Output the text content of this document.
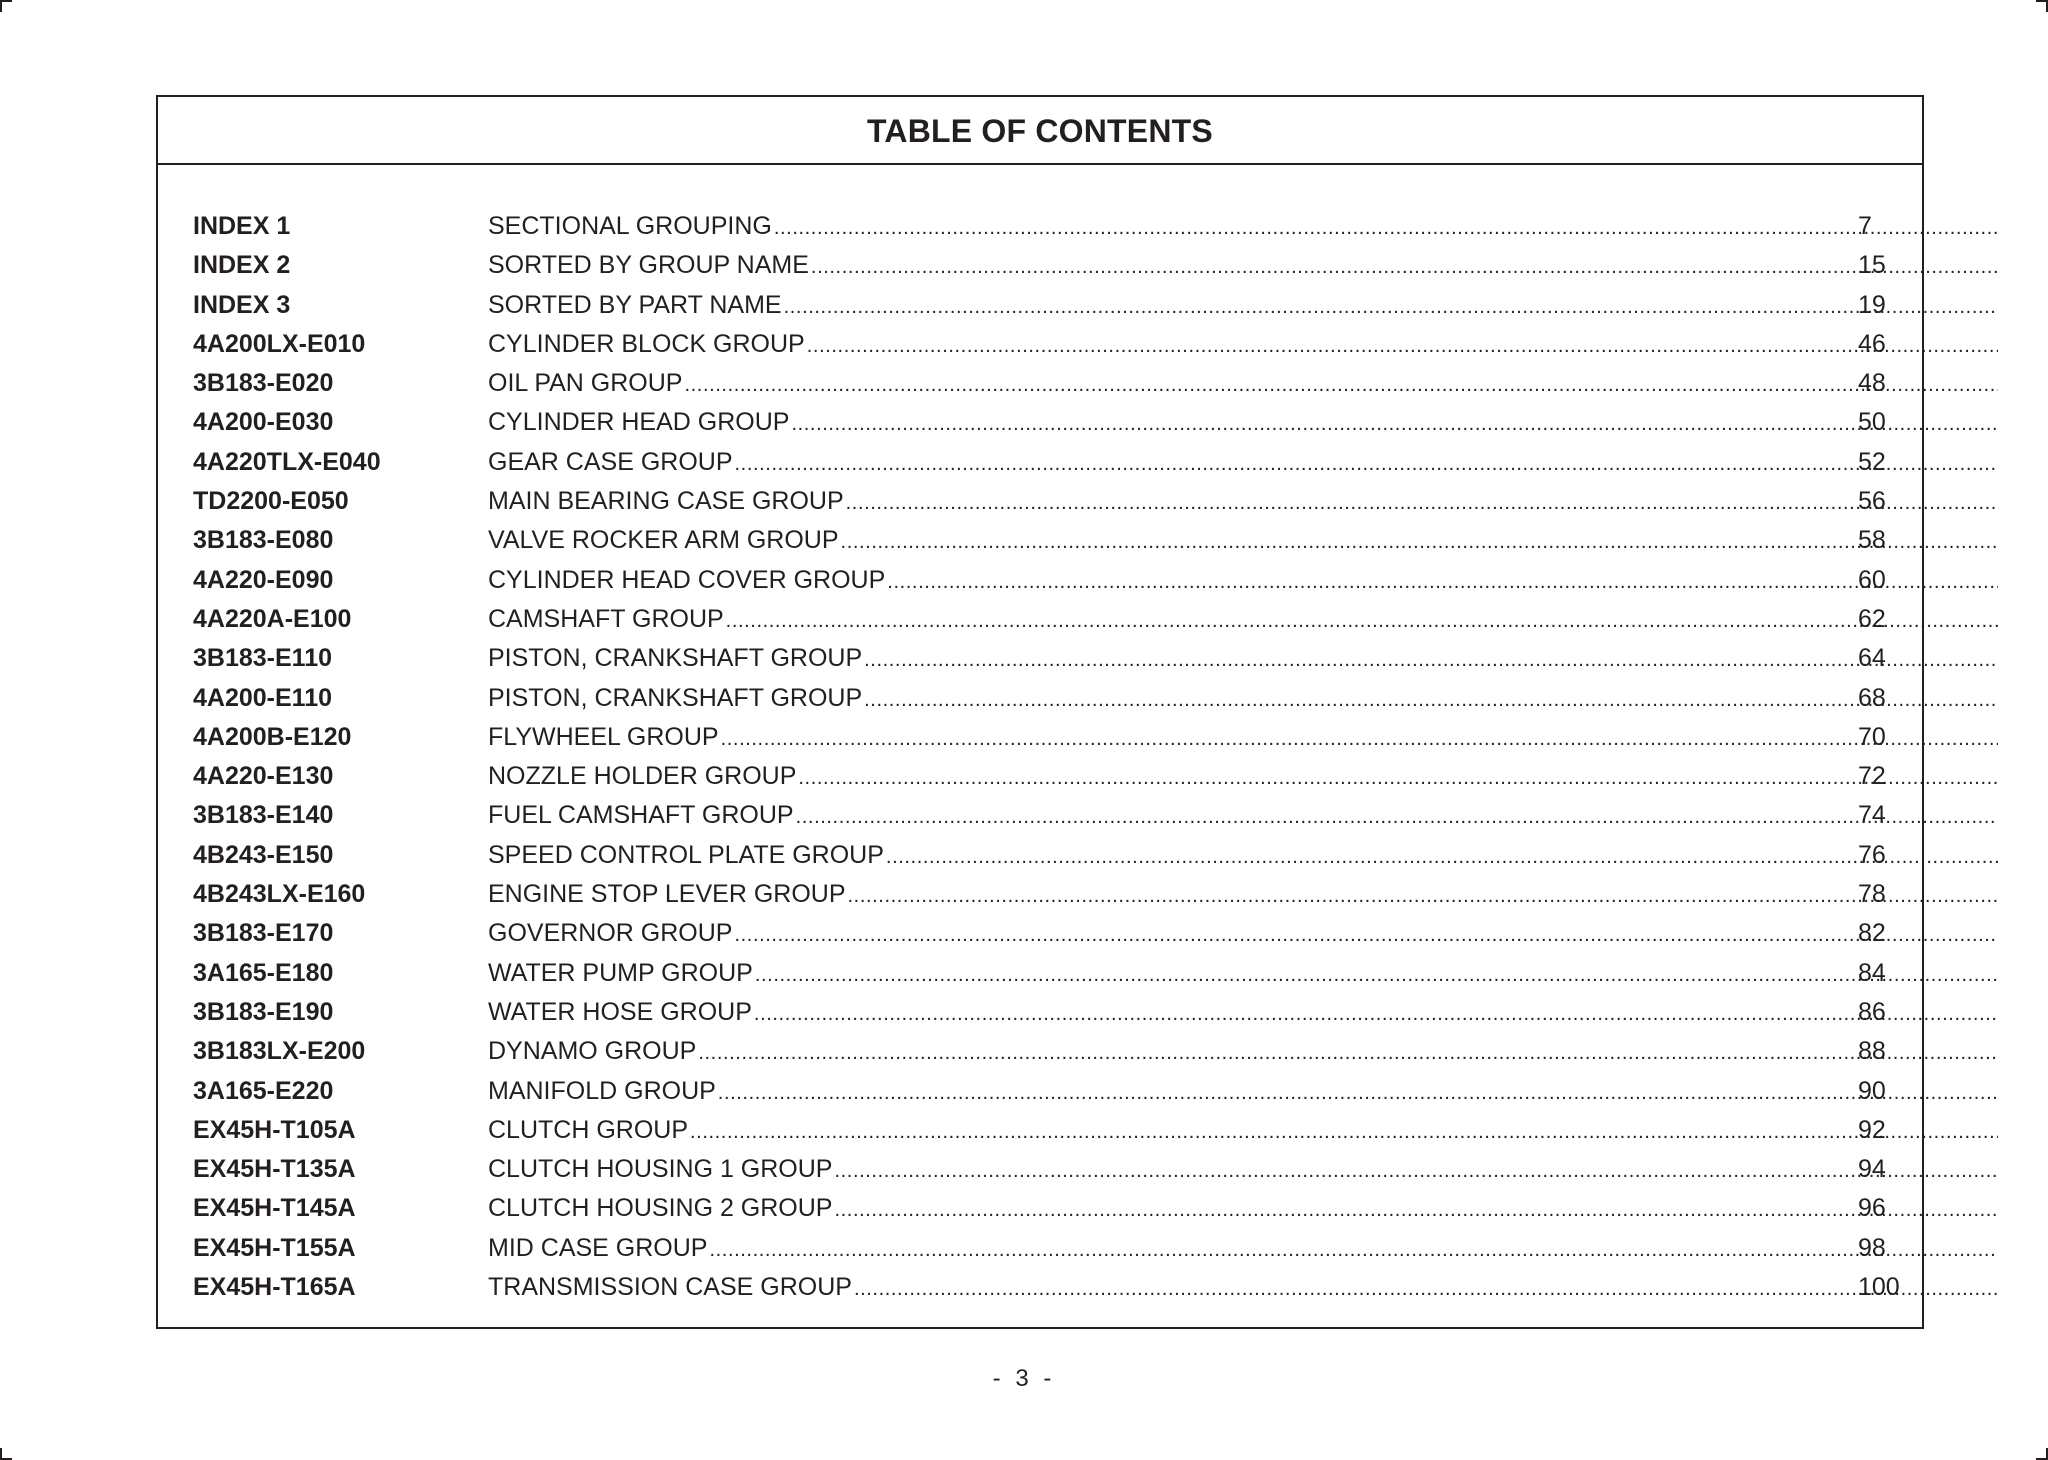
TABLE OF CONTENTS
INDEX 1	SECTIONAL GROUPING .....	7
INDEX 2	SORTED BY GROUP NAME .....	15
INDEX 3	SORTED BY PART NAME .....	19
4A200LX-E010	CYLINDER BLOCK GROUP .....	46
3B183-E020	OIL PAN GROUP .....	48
4A200-E030	CYLINDER HEAD GROUP .....	50
4A220TLX-E040	GEAR CASE GROUP .....	52
TD2200-E050	MAIN BEARING CASE GROUP .....	56
3B183-E080	VALVE ROCKER ARM GROUP .....	58
4A220-E090	CYLINDER HEAD COVER GROUP .....	60
4A220A-E100	CAMSHAFT GROUP .....	62
3B183-E110	PISTON, CRANKSHAFT GROUP .....	64
4A200-E110	PISTON, CRANKSHAFT GROUP .....	68
4A200B-E120	FLYWHEEL GROUP .....	70
4A220-E130	NOZZLE HOLDER GROUP .....	72
3B183-E140	FUEL CAMSHAFT GROUP .....	74
4B243-E150	SPEED CONTROL PLATE GROUP .....	76
4B243LX-E160	ENGINE STOP LEVER GROUP .....	78
3B183-E170	GOVERNOR GROUP .....	82
3A165-E180	WATER PUMP GROUP .....	84
3B183-E190	WATER HOSE GROUP .....	86
3B183LX-E200	DYNAMO GROUP .....	88
3A165-E220	MANIFOLD GROUP .....	90
EX45H-T105A	CLUTCH GROUP .....	92
EX45H-T135A	CLUTCH HOUSING 1 GROUP .....	94
EX45H-T145A	CLUTCH HOUSING 2 GROUP .....	96
EX45H-T155A	MID CASE GROUP .....	98
EX45H-T165A	TRANSMISSION CASE GROUP .....	100
- 3 -
